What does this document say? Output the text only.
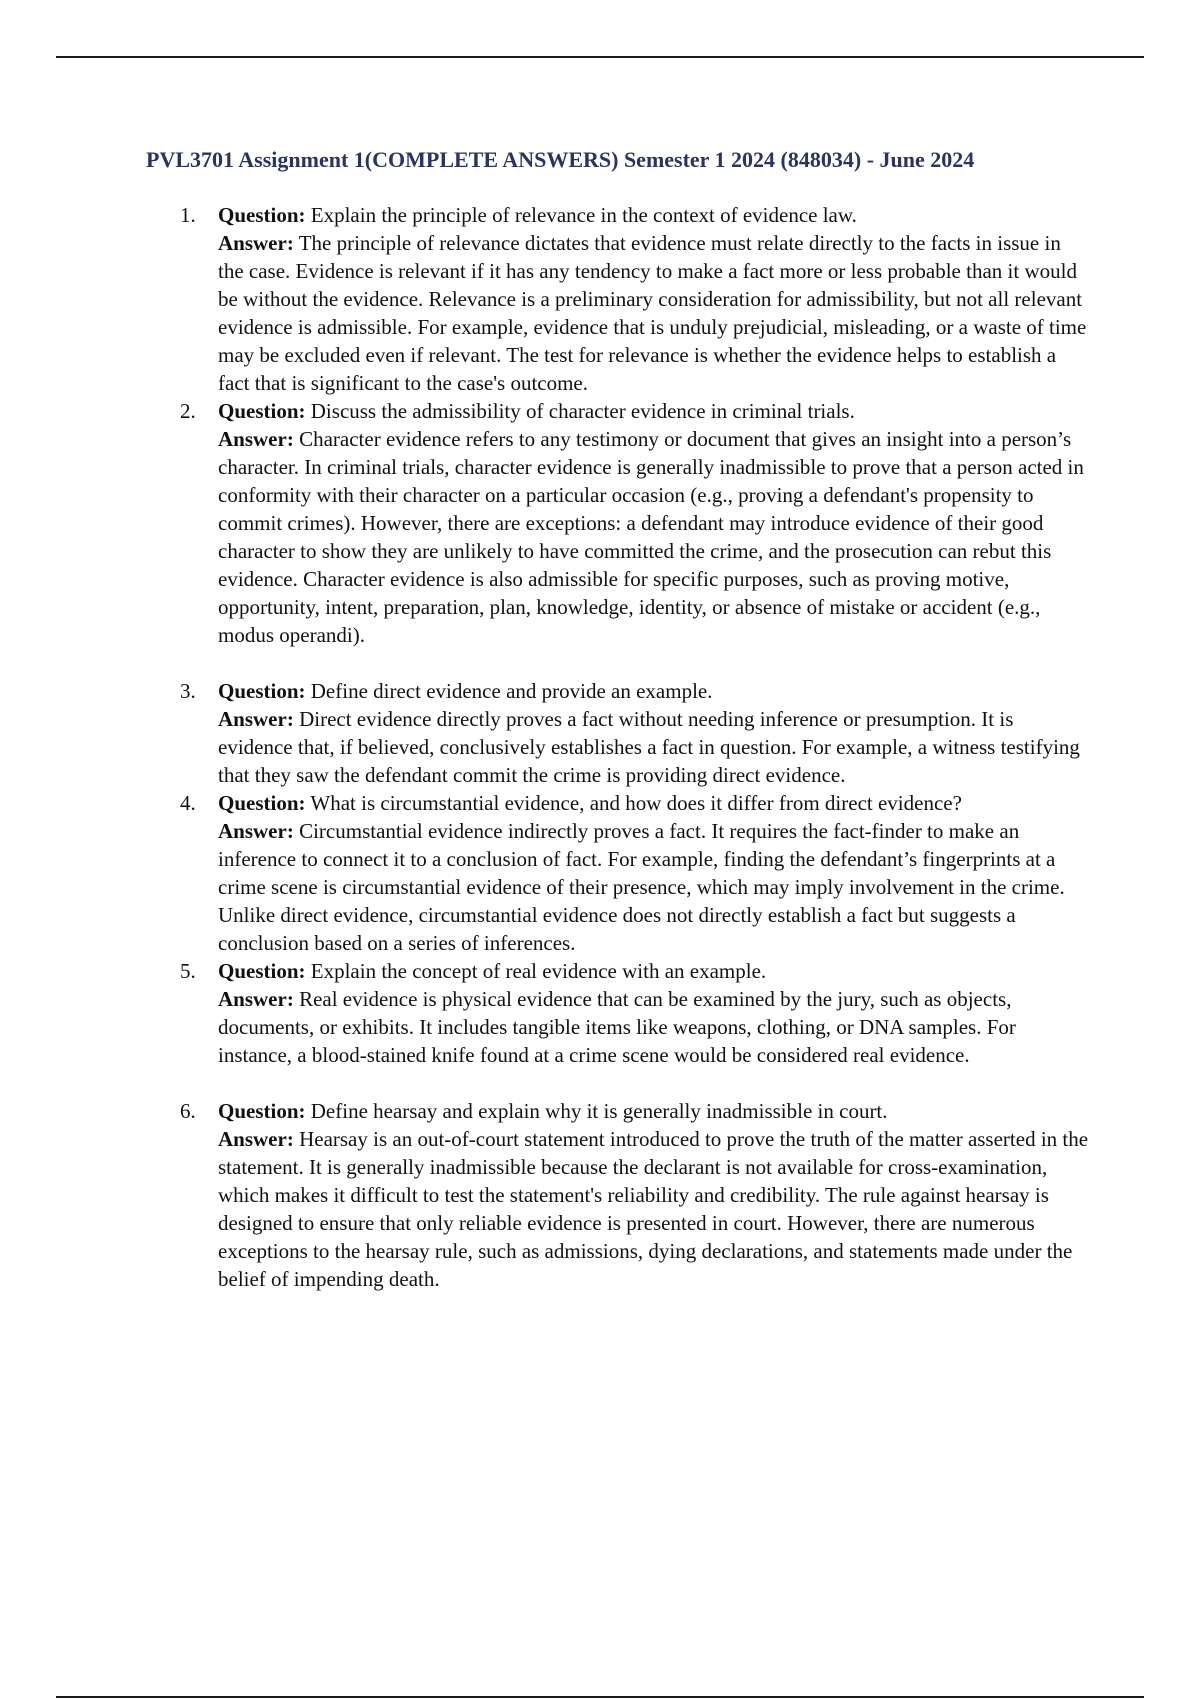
PVL3701 Assignment 1(COMPLETE ANSWERS) Semester 1 2024 (848034) - June 2024
1. Question: Explain the principle of relevance in the context of evidence law.
Answer: The principle of relevance dictates that evidence must relate directly to the facts in issue in the case. Evidence is relevant if it has any tendency to make a fact more or less probable than it would be without the evidence. Relevance is a preliminary consideration for admissibility, but not all relevant evidence is admissible. For example, evidence that is unduly prejudicial, misleading, or a waste of time may be excluded even if relevant. The test for relevance is whether the evidence helps to establish a fact that is significant to the case's outcome.
2. Question: Discuss the admissibility of character evidence in criminal trials.
Answer: Character evidence refers to any testimony or document that gives an insight into a person’s character. In criminal trials, character evidence is generally inadmissible to prove that a person acted in conformity with their character on a particular occasion (e.g., proving a defendant's propensity to commit crimes). However, there are exceptions: a defendant may introduce evidence of their good character to show they are unlikely to have committed the crime, and the prosecution can rebut this evidence. Character evidence is also admissible for specific purposes, such as proving motive, opportunity, intent, preparation, plan, knowledge, identity, or absence of mistake or accident (e.g., modus operandi).
3. Question: Define direct evidence and provide an example.
Answer: Direct evidence directly proves a fact without needing inference or presumption. It is evidence that, if believed, conclusively establishes a fact in question. For example, a witness testifying that they saw the defendant commit the crime is providing direct evidence.
4. Question: What is circumstantial evidence, and how does it differ from direct evidence?
Answer: Circumstantial evidence indirectly proves a fact. It requires the fact-finder to make an inference to connect it to a conclusion of fact. For example, finding the defendant’s fingerprints at a crime scene is circumstantial evidence of their presence, which may imply involvement in the crime. Unlike direct evidence, circumstantial evidence does not directly establish a fact but suggests a conclusion based on a series of inferences.
5. Question: Explain the concept of real evidence with an example.
Answer: Real evidence is physical evidence that can be examined by the jury, such as objects, documents, or exhibits. It includes tangible items like weapons, clothing, or DNA samples. For instance, a blood-stained knife found at a crime scene would be considered real evidence.
6. Question: Define hearsay and explain why it is generally inadmissible in court.
Answer: Hearsay is an out-of-court statement introduced to prove the truth of the matter asserted in the statement. It is generally inadmissible because the declarant is not available for cross-examination, which makes it difficult to test the statement's reliability and credibility. The rule against hearsay is designed to ensure that only reliable evidence is presented in court. However, there are numerous exceptions to the hearsay rule, such as admissions, dying declarations, and statements made under the belief of impending death.
